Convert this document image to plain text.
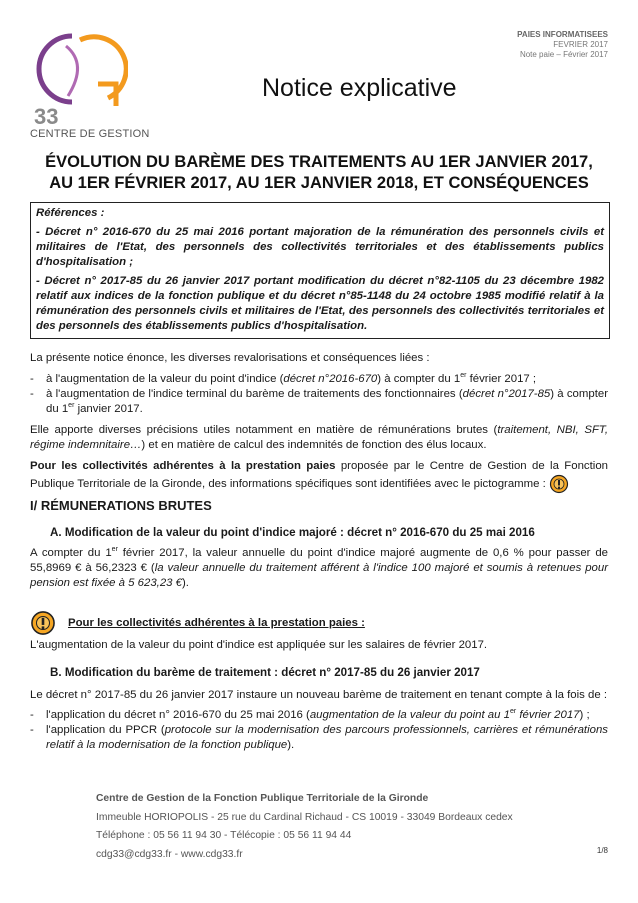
33
CENTRE DE GESTION
PAIES INFORMATISEES
FEVRIER 2017
Note paie – Février 2017
Notice explicative
ÉVOLUTION DU BARÈME DES TRAITEMENTS AU 1ER JANVIER 2017,
AU 1ER FÉVRIER 2017, AU 1ER JANVIER 2018, ET CONSÉQUENCES

Références :

- Décret n° 2016-670 du 25 mai 2016 portant majoration de la rémunération des personnels civils et militaires de l'Etat, des personnels des collectivités territoriales et des établissements publics d'hospitalisation ;

- Décret n° 2017-85 du 26 janvier 2017 portant modification du décret n°82-1105 du 23 décembre 1982 relatif aux indices de la fonction publique et du décret n°85-1148 du 24 octobre 1985 modifié relatif à la rémunération des personnels civils et militaires de l'Etat, des personnels des collectivités territoriales et des personnels des établissements publics d'hospitalisation.

La présente notice énonce, les diverses revalorisations et conséquences liées :

-	à l'augmentation de la valeur du point d'indice (décret n°2016-670) à compter du 1er février 2017 ;
-	à l'augmentation de l'indice terminal du barème de traitements des fonctionnaires (décret n°2017-85) à compter du 1er janvier 2017.

Elle apporte diverses précisions utiles notamment en matière de rémunérations brutes (traitement, NBI, SFT, régime indemnitaire…) et en matière de calcul des indemnités de fonction des élus locaux.

Pour les collectivités adhérentes à la prestation paies proposée par le Centre de Gestion de la Fonction Publique Territoriale de la Gironde, des informations spécifiques sont identifiées avec le pictogramme :

I/ RÉMUNERATIONS BRUTES
A. Modification de la valeur du point d'indice majoré : décret n° 2016-670 du 25 mai 2016
A compter du 1er février 2017, la valeur annuelle du point d'indice majoré augmente de 0,6 % pour passer de 55,8969 € à 56,2323 € (la valeur annuelle du traitement afférent à l'indice 100 majoré et soumis à retenues pour pension est fixée à 5 623,23 €).
Pour les collectivités adhérentes à la prestation paies :
L'augmentation de la valeur du point d'indice est appliquée sur les salaires de février 2017.
B. Modification du barème de traitement : décret n° 2017-85 du 26 janvier 2017
Le décret n° 2017-85 du 26 janvier 2017 instaure un nouveau barème de traitement en tenant compte à la fois de :
-	l'application du décret n° 2016-670 du 25 mai 2016 (augmentation de la valeur du point au 1er février 2017) ;
-	l'application du PPCR (protocole sur la modernisation des parcours professionnels, carrières et rémunérations relatif à la modernisation de la fonction publique).
Centre de Gestion de la Fonction Publique Territoriale de la Gironde
Immeuble HORIOPOLIS - 25 rue du Cardinal Richaud - CS 10019 - 33049 Bordeaux cedex
Téléphone : 05 56 11 94 30 - Télécopie : 05 56 11 94 44
cdg33@cdg33.fr - www.cdg33.fr	1/8
